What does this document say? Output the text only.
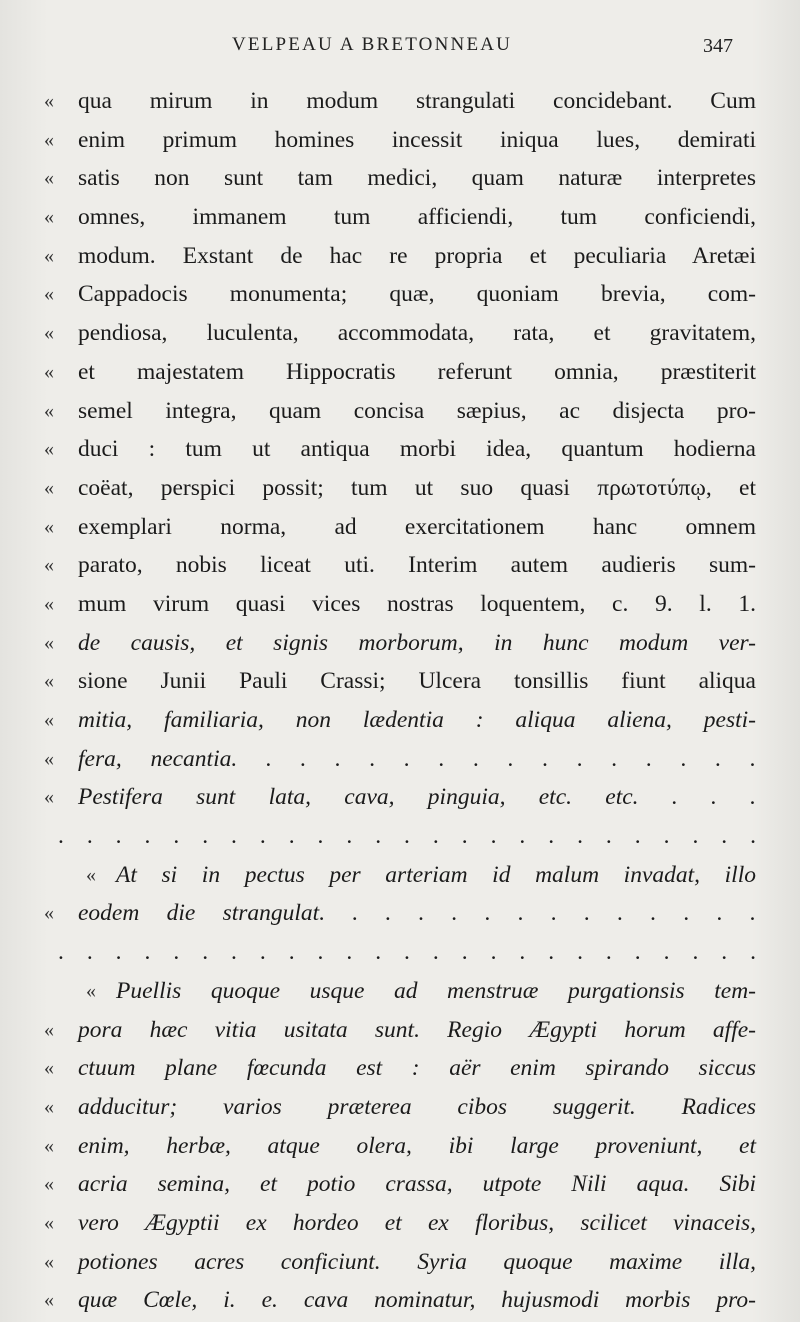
VELPEAU A BRETONNEAU	347
«	qua mirum in modum strangulati concidebant. Cum
«	enim primum homines incessit iniqua lues, demirati
«	satis non sunt tam medici, quam naturæ interpretes
«	omnes, immanem tum afficiendi, tum conficiendi,
«	modum. Exstant de hac re propria et peculiaria Aretæi
«	Cappadocis monumenta; quæ, quoniam brevia, com-
«	pendiosa, luculenta, accommodata, rata, et gravitatem,
«	et majestatem Hippocratis referunt omnia, præstiterit
«	semel integra, quam concisa sæpius, ac disjecta pro-
«	duci : tum ut antiqua morbi idea, quantum hodierna
«	coëat, perspici possit; tum ut suo quasi πρωτοτύπῳ, et
«	exemplari norma, ad exercitationem hanc omnem
«	parato, nobis liceat uti. Interim autem audieris sum-
«	mum virum quasi vices nostras loquentem, c. 9. l. 1.
«	de causis, et signis morborum, in hunc modum ver-
«	sione Junii Pauli Crassi; Ulcera tonsillis fiunt aliqua
«	mitia, familiaria, non lædentia : aliqua aliena, pesti-
«	fera, necantia. . . . . . . . . . . . . . . .
«	Pestifera sunt lata, cava, pinguia, etc. etc. . . .
. . . . . . . . . . . . . . . . . . . . . . . . .
« At si in pectus per arteriam id malum invadat, illo
«	eodem die strangulat. . . . . . . . . . . . . .
. . . . . . . . . . . . . . . . . . . . . . . . .
« Puellis quoque usque ad menstruæ purgationsis tem-
«	pora hæc vitia usitata sunt. Regio Ægypti horum affe-
«	ctuum plane fœcunda est : aër enim spirando siccus
«	adducitur; varios præterea cibos suggerit. Radices
«	enim, herbæ, atque olera, ibi large proveniunt, et
«	acria semina, et potio crassa, utpote Nili aqua. Sibi
«	vero Ægyptii ex hordeo et ex floribus, scilicet vinaceis,
«	potiones acres conficiunt. Syria quoque maxime illa,
«	quæ Cœle, i. e. cava nominatur, hujusmodi morbis pro-
